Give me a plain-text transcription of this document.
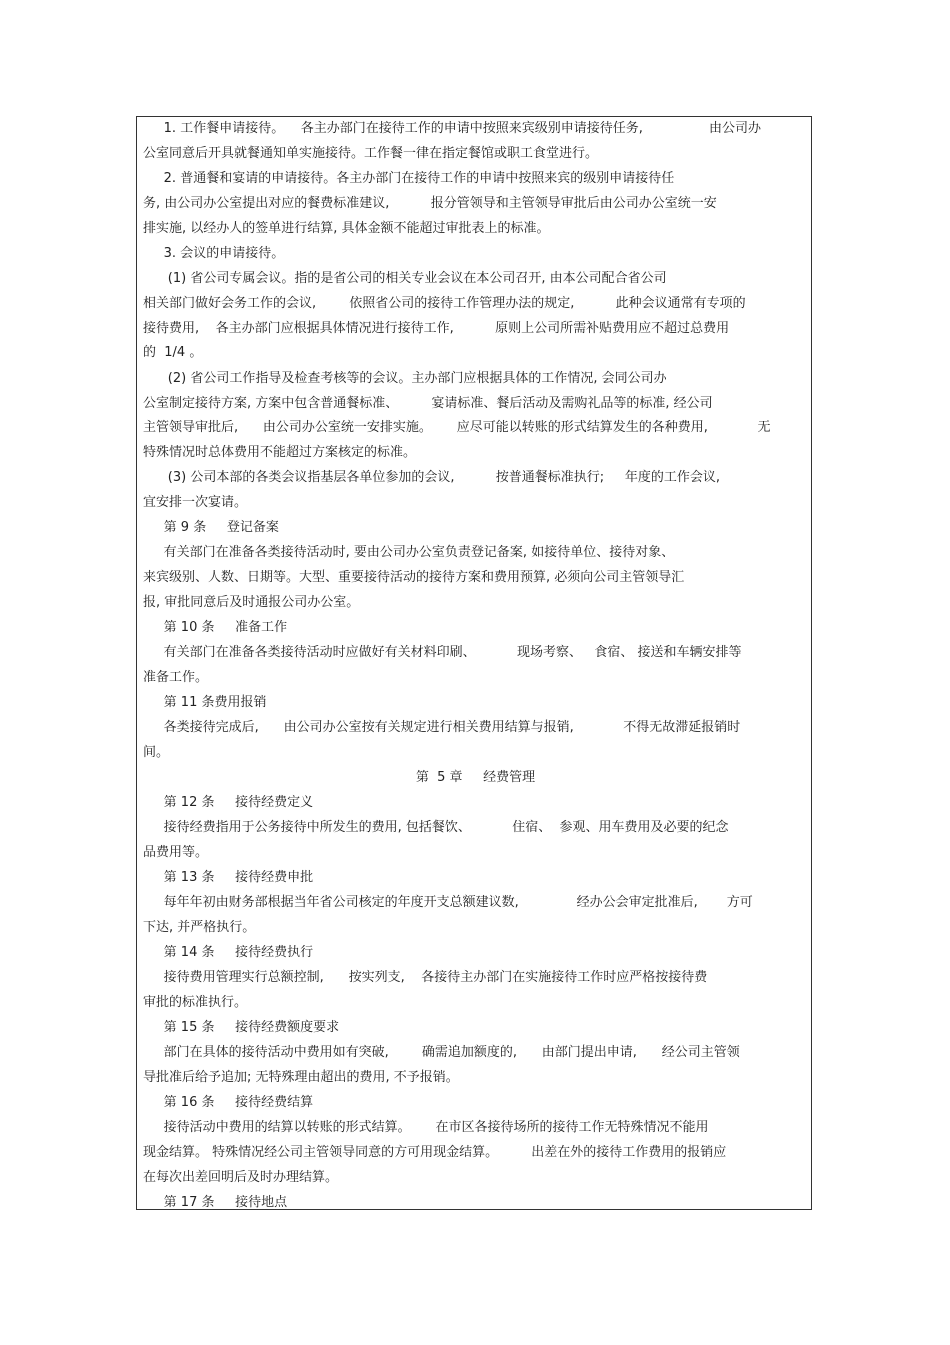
1. 工作餐申请接待。    各主办部门在接待工作的申请中按照来宾级别申请接待任务,                由公司办
公室同意后开具就餐通知单实施接待。工作餐一律在指定餐馆或职工食堂进行。
2. 普通餐和宴请的申请接待。各主办部门在接待工作的申请中按照来宾的级别申请接待任
务, 由公司办公室提出对应的餐费标准建议,          报分管领导和主管领导审批后由公司办公室统一安
排实施, 以经办人的签单进行结算, 具体金额不能超过审批表上的标准。
3. 会议的申请接待。
(1) 省公司专属会议。指的是省公司的相关专业会议在本公司召开, 由本公司配合省公司
相关部门做好会务工作的会议,        依照省公司的接待工作管理办法的规定,          此种会议通常有专项的
接待费用,    各主办部门应根据具体情况进行接待工作,          原则上公司所需补贴费用应不超过总费用
的  1/4 。
(2) 省公司工作指导及检查考核等的会议。主办部门应根据具体的工作情况, 会同公司办
公室制定接待方案, 方案中包含普通餐标准、        宴请标准、餐后活动及需购礼品等的标准, 经公司
主管领导审批后,      由公司办公室统一安排实施。      应尽可能以转账的形式结算发生的各种费用,            无
特殊情况时总体费用不能超过方案核定的标准。
(3) 公司本部的各类会议指基层各单位参加的会议,          按普通餐标准执行;     年度的工作会议,
宜安排一次宴请。
第 9 条     登记备案
有关部门在准备各类接待活动时, 要由公司办公室负责登记备案, 如接待单位、接待对象、
来宾级别、人数、日期等。大型、重要接待活动的接待方案和费用预算, 必须向公司主管领导汇
报, 审批同意后及时通报公司办公室。
第 10 条     准备工作
有关部门在准备各类接待活动时应做好有关材料印刷、          现场考察、   食宿、 接送和车辆安排等
准备工作。
第 11 条费用报销
各类接待完成后,      由公司办公室按有关规定进行相关费用结算与报销,            不得无故滞延报销时
间。
第  5 章     经费管理
第 12 条     接待经费定义
接待经费指用于公务接待中所发生的费用, 包括餐饮、          住宿、  参观、用车费用及必要的纪念
品费用等。
第 13 条     接待经费申批
每年年初由财务部根据当年省公司核定的年度开支总额建议数,              经办公会审定批准后,       方可
下达, 并严格执行。
第 14 条     接待经费执行
接待费用管理实行总额控制,      按实列支,    各接待主办部门在实施接待工作时应严格按接待费
审批的标准执行。
第 15 条     接待经费额度要求
部门在具体的接待活动中费用如有突破,        确需追加额度的,      由部门提出申请,      经公司主管领
导批准后给予追加; 无特殊理由超出的费用, 不予报销。
第 16 条     接待经费结算
接待活动中费用的结算以转账的形式结算。      在市区各接待场所的接待工作无特殊情况不能用
现金结算。 特殊情况经公司主管领导同意的方可用现金结算。        出差在外的接待工作费用的报销应
在每次出差回明后及时办理结算。
第 17 条     接待地点
